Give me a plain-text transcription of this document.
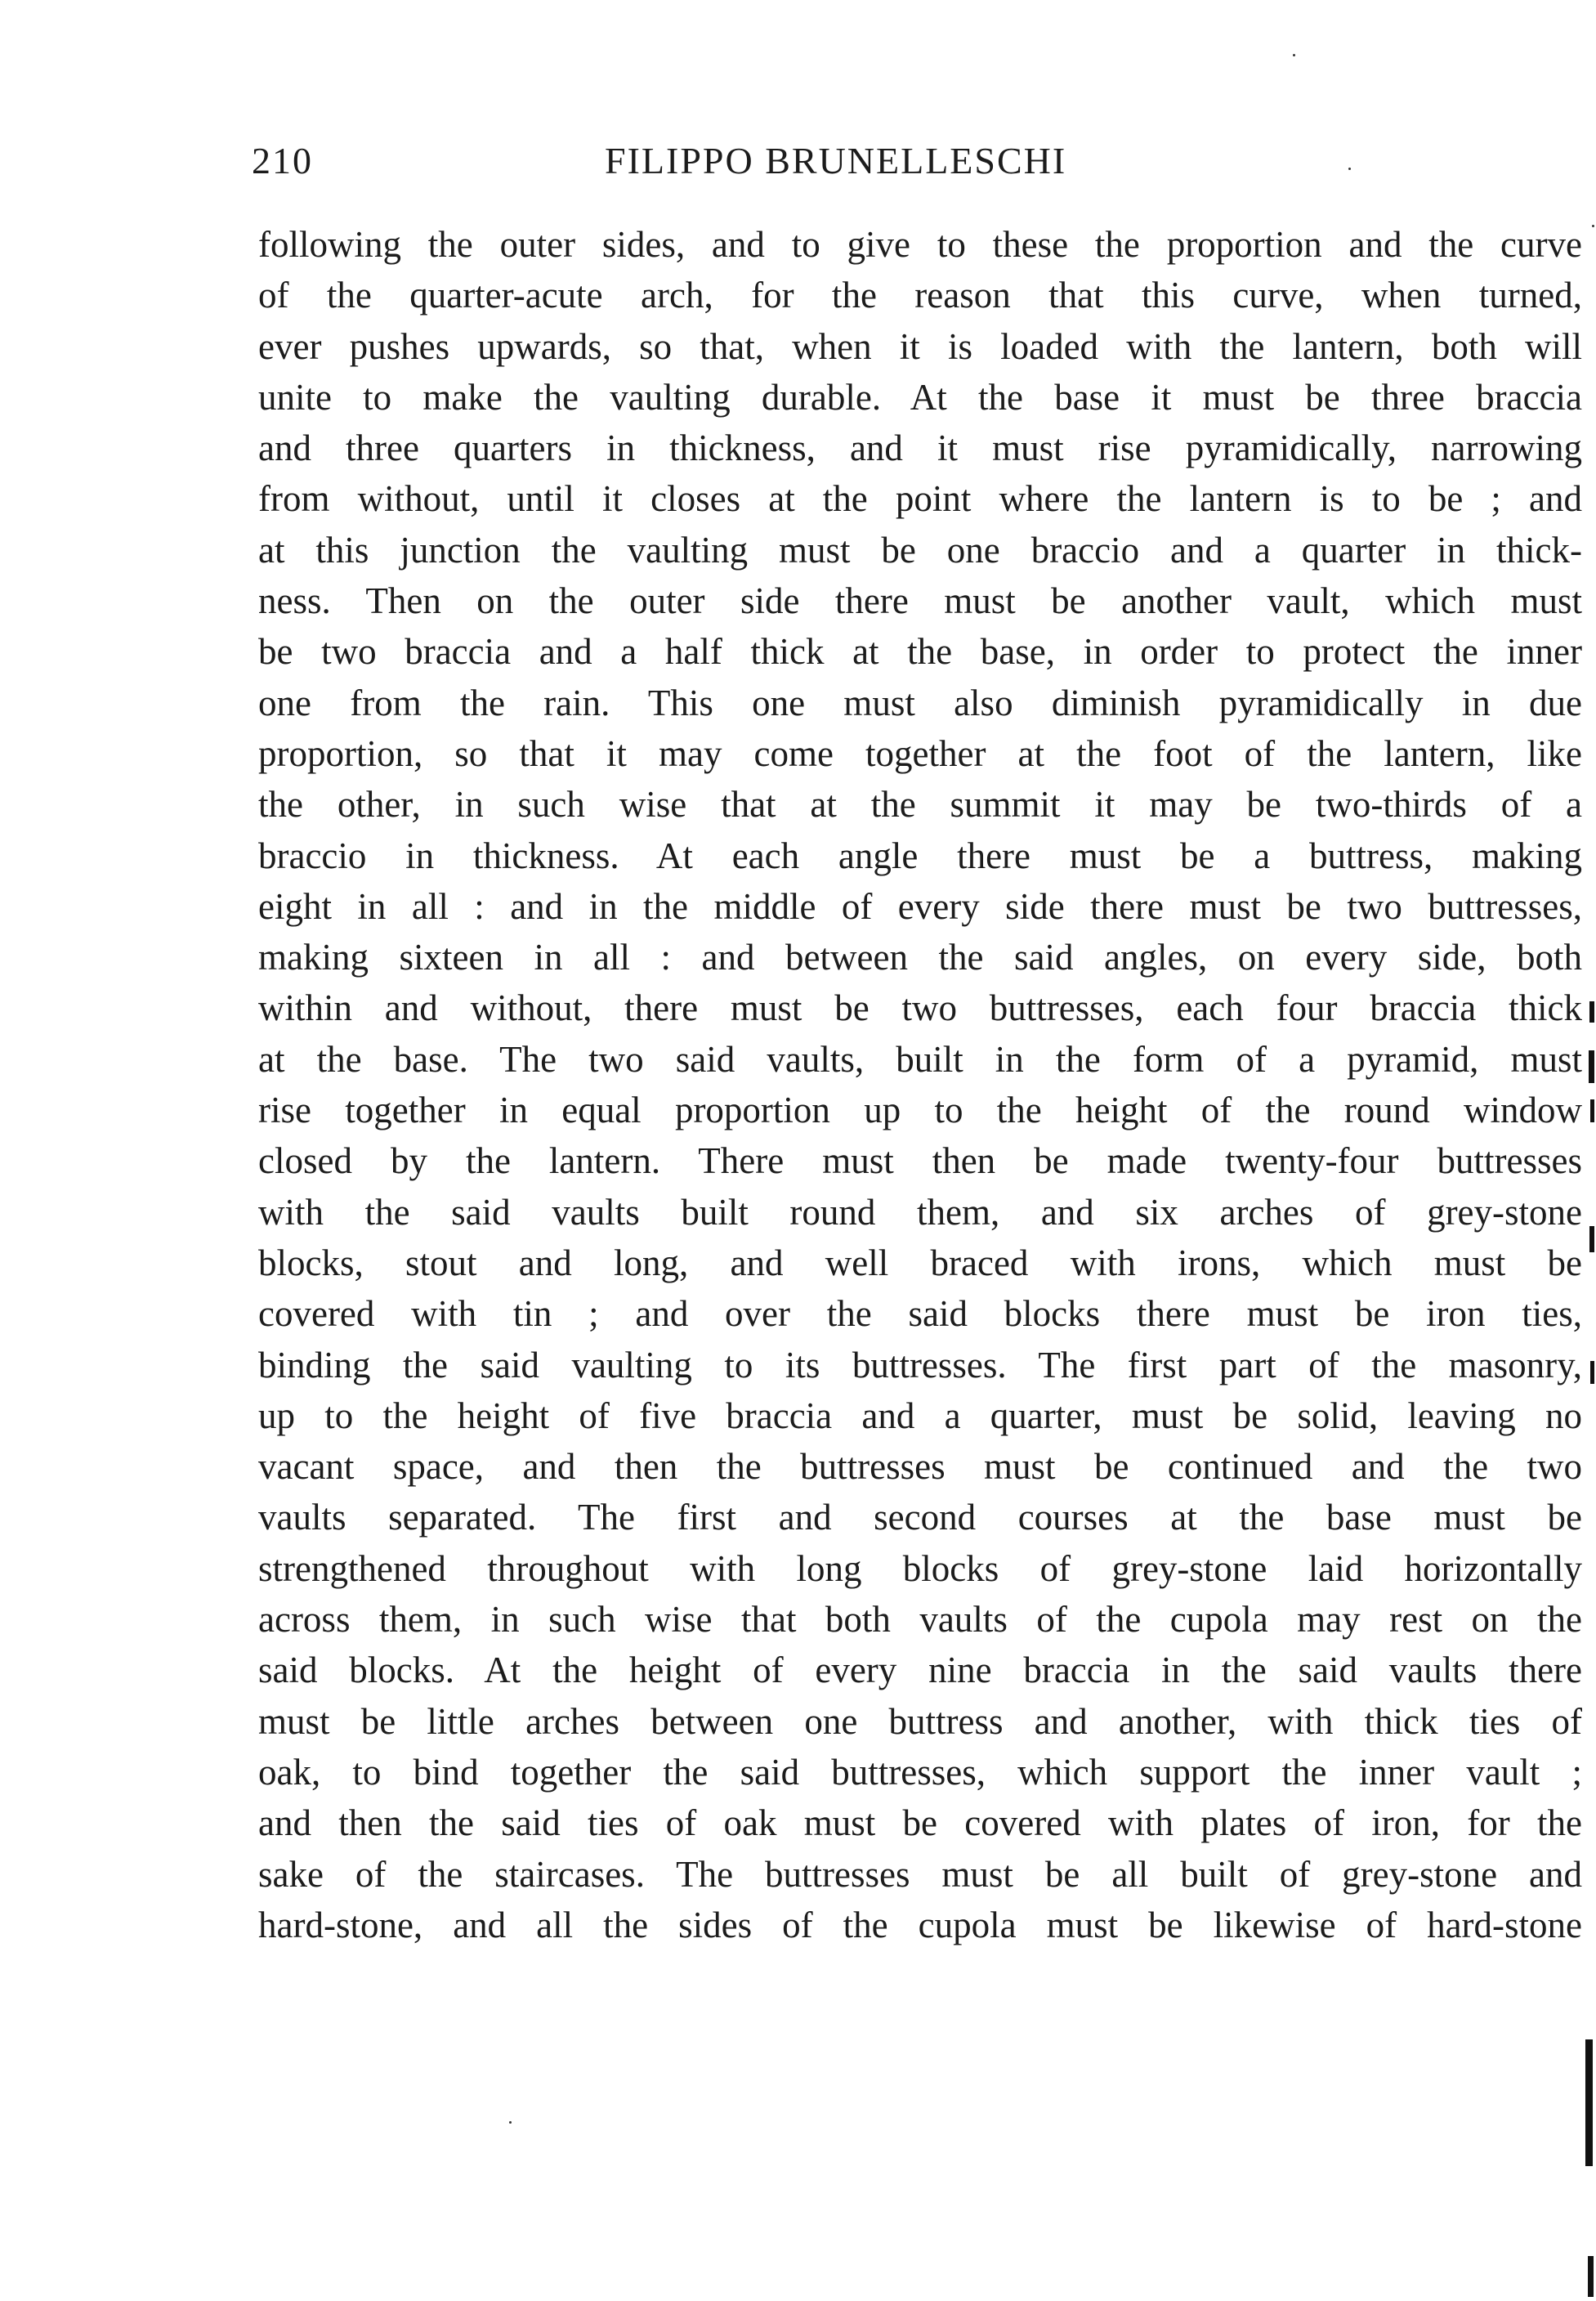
210	FILIPPO BRUNELLESCHI
following the outer sides, and to give to these the proportion and the curve
of the quarter-acute arch, for the reason that this curve, when turned,
ever pushes upwards, so that, when it is loaded with the lantern, both will
unite to make the vaulting durable. At the base it must be three braccia
and three quarters in thickness, and it must rise pyramidically, narrowing
from without, until it closes at the point where the lantern is to be ; and
at this junction the vaulting must be one braccio and a quarter in thick-
ness. Then on the outer side there must be another vault, which must
be two braccia and a half thick at the base, in order to protect the inner
one from the rain. This one must also diminish pyramidically in due
proportion, so that it may come together at the foot of the lantern, like
the other, in such wise that at the summit it may be two-thirds of a
braccio in thickness. At each angle there must be a buttress, making
eight in all : and in the middle of every side there must be two buttresses,
making sixteen in all : and between the said angles, on every side, both
within and without, there must be two buttresses, each four braccia thick
at the base. The two said vaults, built in the form of a pyramid, must
rise together in equal proportion up to the height of the round window
closed by the lantern. There must then be made twenty-four buttresses
with the said vaults built round them, and six arches of grey-stone
blocks, stout and long, and well braced with irons, which must be
covered with tin ; and over the said blocks there must be iron ties,
binding the said vaulting to its buttresses. The first part of the masonry,
up to the height of five braccia and a quarter, must be solid, leaving no
vacant space, and then the buttresses must be continued and the two
vaults separated. The first and second courses at the base must be
strengthened throughout with long blocks of grey-stone laid horizontally
across them, in such wise that both vaults of the cupola may rest on the
said blocks. At the height of every nine braccia in the said vaults there
must be little arches between one buttress and another, with thick ties of
oak, to bind together the said buttresses, which support the inner vault ;
and then the said ties of oak must be covered with plates of iron, for the
sake of the staircases. The buttresses must be all built of grey-stone and
hard-stone, and all the sides of the cupola must be likewise of hard-stone
